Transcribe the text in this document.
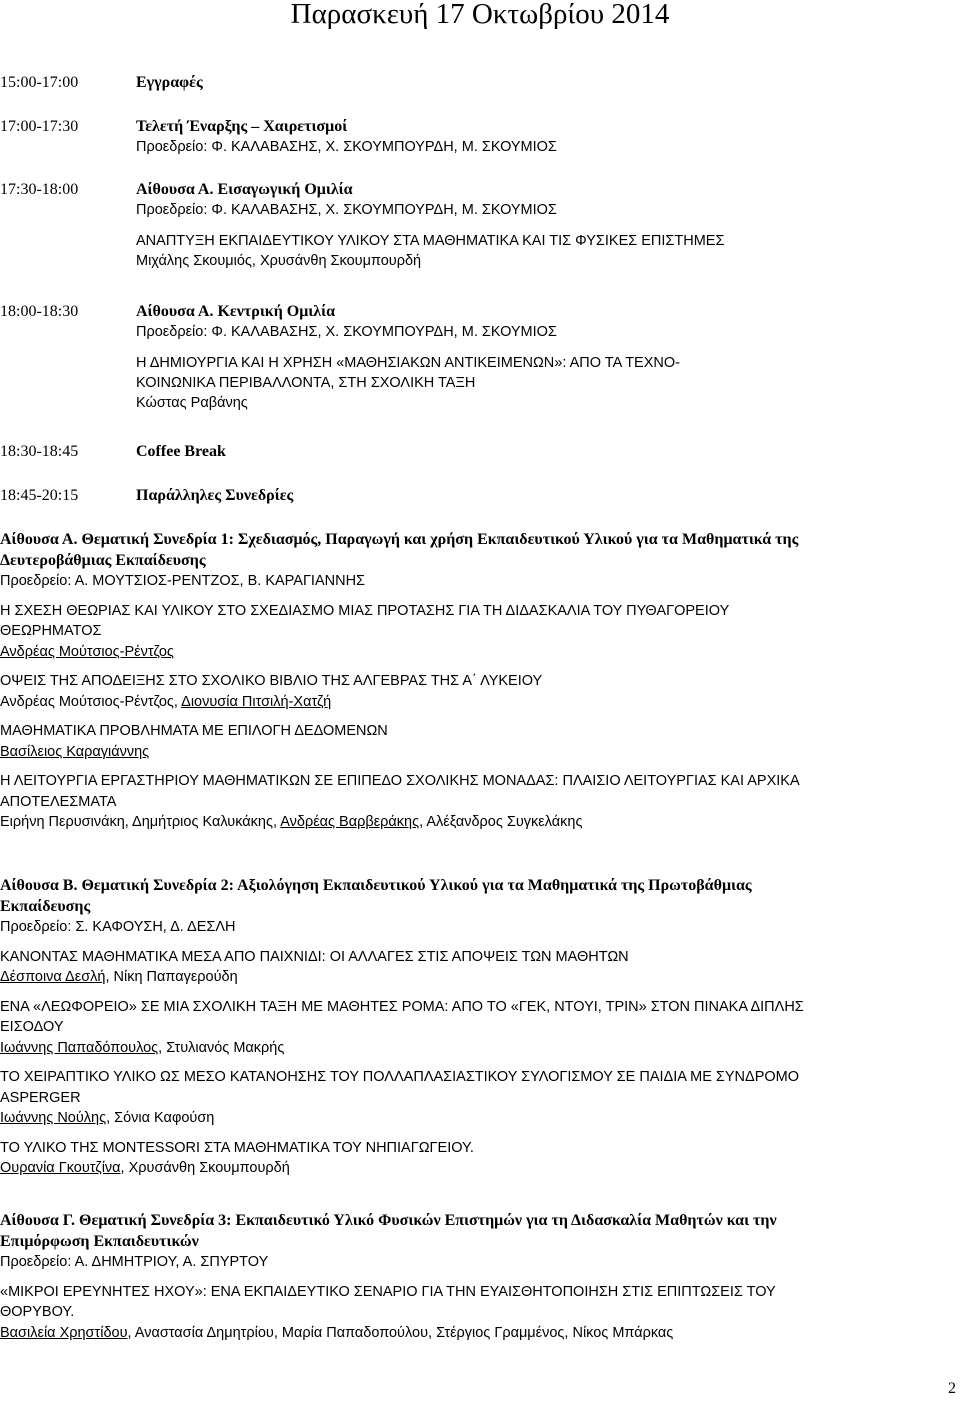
Παρασκευή 17 Οκτωβρίου 2014
15:00-17:00	Εγγραφές
17:00-17:30	Τελετή Έναρξης – Χαιρετισμοί
Προεδρείο: Φ. ΚΑΛΑΒΑΣΗΣ, Χ. ΣΚΟΥΜΠΟΥΡΔΗ, Μ. ΣΚΟΥΜΙΟΣ
17:30-18:00	Αίθουσα Α. Εισαγωγική Ομιλία
Προεδρείο: Φ. ΚΑΛΑΒΑΣΗΣ, Χ. ΣΚΟΥΜΠΟΥΡΔΗ, Μ. ΣΚΟΥΜΙΟΣ
ΑΝΑΠΤΥΞΗ ΕΚΠΑΙΔΕΥΤΙΚΟΥ ΥΛΙΚΟΥ ΣΤΑ ΜΑΘΗΜΑΤΙΚΑ ΚΑΙ ΤΙΣ ΦΥΣΙΚΕΣ ΕΠΙΣΤΗΜΕΣ
Μιχάλης Σκουμιός, Χρυσάνθη Σκουμπουρδή
18:00-18:30	Αίθουσα Α. Κεντρική Ομιλία
Προεδρείο: Φ. ΚΑΛΑΒΑΣΗΣ, Χ. ΣΚΟΥΜΠΟΥΡΔΗ, Μ. ΣΚΟΥΜΙΟΣ
Η ΔΗΜΙΟΥΡΓΙΑ ΚΑΙ Η ΧΡΗΣΗ «ΜΑΘΗΣΙΑΚΩΝ ΑΝΤΙΚΕΙΜΕΝΩΝ»: ΑΠΟ ΤΑ ΤΕΧΝΟ-
ΚΟΙΝΩΝΙΚΑ ΠΕΡΙΒΑΛΛΟΝΤΑ, ΣΤΗ ΣΧΟΛΙΚΗ ΤΑΞΗ
Κώστας Ραβάνης
18:30-18:45	Coffee Break
18:45-20:15	Παράλληλες Συνεδρίες
Αίθουσα Α. Θεματική Συνεδρία 1: Σχεδιασμός, Παραγωγή και χρήση Εκπαιδευτικού Υλικού για τα Μαθηματικά της
Δευτεροβάθμιας Εκπαίδευσης
Προεδρείο: Α. ΜΟΥΤΣΙΟΣ-ΡΕΝΤΖΟΣ, Β. ΚΑΡΑΓΙΑΝΝΗΣ
Η ΣΧΕΣΗ ΘΕΩΡΙΑΣ ΚΑΙ ΥΛΙΚΟΥ ΣΤΟ ΣΧΕΔΙΑΣΜΟ ΜΙΑΣ ΠΡΟΤΑΣΗΣ ΓΙΑ ΤΗ ΔΙΔΑΣΚΑΛΙΑ ΤΟΥ ΠΥΘΑΓΟΡΕΙΟΥ
ΘΕΩΡΗΜΑΤΟΣ
Ανδρέας Μούτσιος-Ρέντζος
ΟΨΕΙΣ ΤΗΣ ΑΠΟΔΕΙΞΗΣ ΣΤΟ ΣΧΟΛΙΚΟ ΒΙΒΛΙΟ ΤΗΣ ΑΛΓΕΒΡΑΣ ΤΗΣ Α΄ ΛΥΚΕΙΟΥ
Ανδρέας Μούτσιος-Ρέντζος, Διονυσία Πιτσιλή-Χατζή
ΜΑΘΗΜΑΤΙΚΑ ΠΡΟΒΛΗΜΑΤΑ ΜΕ ΕΠΙΛΟΓΗ ΔΕΔΟΜΕΝΩΝ
Βασίλειος Καραγιάννης
Η ΛΕΙΤΟΥΡΓΙΑ ΕΡΓΑΣΤΗΡΙΟΥ ΜΑΘΗΜΑΤΙΚΩΝ ΣΕ ΕΠΙΠΕΔΟ ΣΧΟΛΙΚΗΣ ΜΟΝΑΔΑΣ: ΠΛΑΙΣΙΟ ΛΕΙΤΟΥΡΓΙΑΣ ΚΑΙ ΑΡΧΙΚΑ
ΑΠΟΤΕΛΕΣΜΑΤΑ
Ειρήνη Περυσινάκη, Δημήτριος Καλυκάκης, Ανδρέας Βαρβεράκης, Αλέξανδρος Συγκελάκης
Αίθουσα Β. Θεματική Συνεδρία 2: Αξιολόγηση Εκπαιδευτικού Υλικού για τα Μαθηματικά της Πρωτοβάθμιας
Εκπαίδευσης
Προεδρείο: Σ. ΚΑΦΟΥΣΗ, Δ. ΔΕΣΛΗ
ΚΑΝΟΝΤΑΣ ΜΑΘΗΜΑΤΙΚΑ ΜΕΣΑ ΑΠΟ ΠΑΙΧΝΙΔΙ: ΟΙ ΑΛΛΑΓΕΣ ΣΤΙΣ ΑΠΟΨΕΙΣ ΤΩΝ ΜΑΘΗΤΩΝ
Δέσποινα Δεσλή, Νίκη Παπαγερούδη
ΕΝΑ «ΛΕΩΦΟΡΕΙΟ» ΣΕ ΜΙΑ ΣΧΟΛΙΚΗ ΤΑΞΗ ΜΕ ΜΑΘΗΤΕΣ ΡΟΜΑ: ΑΠΟ ΤΟ «ΓΕΚ, ΝΤΟΥΙ, ΤΡΙΝ» ΣΤΟΝ ΠΙΝΑΚΑ ΔΙΠΛΗΣ
ΕΙΣΟΔΟΥ
Ιωάννης Παπαδόπουλος, Στυλιανός Μακρής
ΤΟ ΧΕΙΡΑΠΤΙΚΟ ΥΛΙΚΟ ΩΣ ΜΕΣΟ ΚΑΤΑΝΟΗΣΗΣ ΤΟΥ ΠΟΛΛΑΠΛΑΣΙΑΣΤΙΚΟΥ ΣΥΛΟΓΙΣΜΟΥ ΣΕ ΠΑΙΔΙΑ ΜΕ ΣΥΝΔΡΟΜΟ
ASPERGER
Ιωάννης Νούλης, Σόνια Καφούση
ΤΟ ΥΛΙΚΟ ΤΗΣ MONTESSORI ΣΤΑ ΜΑΘΗΜΑΤΙΚΑ ΤΟΥ ΝΗΠΙΑΓΩΓΕΙΟΥ.
Ουρανία Γκουτζίνα, Χρυσάνθη Σκουμπουρδή
Αίθουσα Γ. Θεματική Συνεδρία 3: Εκπαιδευτικό Υλικό Φυσικών Επιστημών για τη Διδασκαλία Μαθητών και την
Επιμόρφωση Εκπαιδευτικών
Προεδρείο: Α. ΔΗΜΗΤΡΙΟΥ, Α. ΣΠΥΡΤΟΥ
«ΜΙΚΡΟΙ ΕΡΕΥΝΗΤΕΣ ΗΧΟΥ»: ΕΝΑ ΕΚΠΑΙΔΕΥΤΙΚΟ ΣΕΝΑΡΙΟ ΓΙΑ ΤΗΝ ΕΥΑΙΣΘΗΤΟΠΟΙΗΣΗ ΣΤΙΣ ΕΠΙΠΤΩΣΕΙΣ ΤΟΥ
ΘΟΡΥΒΟΥ.
Βασιλεία Χρηστίδου, Αναστασία Δημητρίου, Μαρία Παπαδοπούλου, Στέργιος Γραμμένος, Νίκος Μπάρκας
2
